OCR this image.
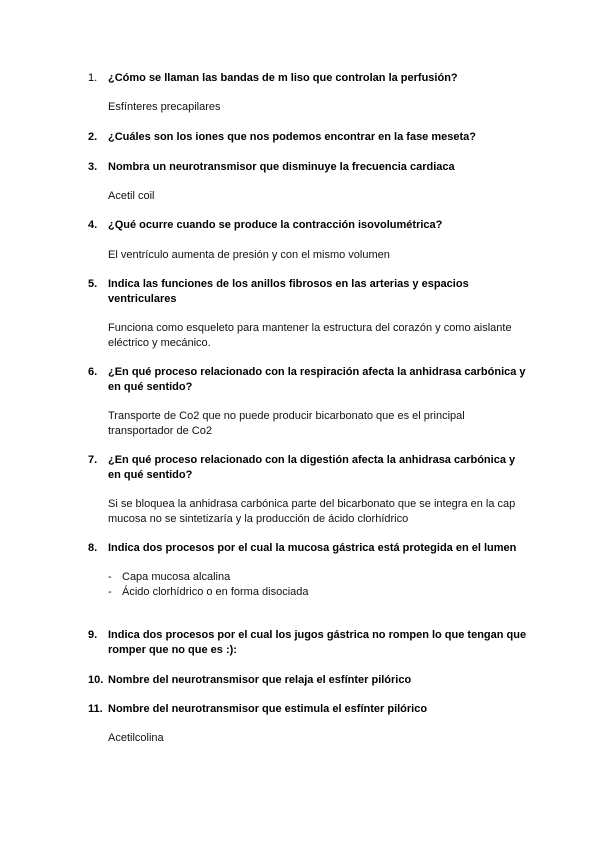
1. ¿Cómo se llaman las bandas de m liso que controlan la perfusión?
Esfínteres precapilares
2. ¿Cuáles son los iones que nos podemos encontrar en la fase meseta?
3. Nombra un neurotransmisor que disminuye la frecuencia cardiaca
Acetil coil
4. ¿Qué ocurre cuando se produce la contracción isovolumétrica?
El ventrículo aumenta de presión y con el mismo volumen
5. Indica las funciones de los anillos fibrosos en las arterias y espacios ventriculares
Funciona como esqueleto para mantener la estructura del corazón y como aislante eléctrico y mecánico.
6. ¿En qué proceso relacionado con la respiración afecta la anhidrasa carbónica y en qué sentido?
Transporte de Co2 que no puede producir bicarbonato que es el principal transportador de Co2
7. ¿En qué proceso relacionado con la digestión afecta la anhidrasa carbónica y en qué sentido?
Si se bloquea la anhidrasa carbónica parte del bicarbonato que se integra en la cap mucosa no se sintetizaría y la producción de ácido clorhídrico
8. Indica dos procesos por el cual la mucosa gástrica está protegida en el lumen
- Capa mucosa alcalina
- Ácido clorhídrico o en forma disociada
9. Indica dos procesos por el cual los jugos gástrica no rompen lo que tengan que romper que no que es :):
10. Nombre del neurotransmisor que relaja el esfínter pilórico
11. Nombre del neurotransmisor que estimula el esfínter pilórico
Acetilcolina
